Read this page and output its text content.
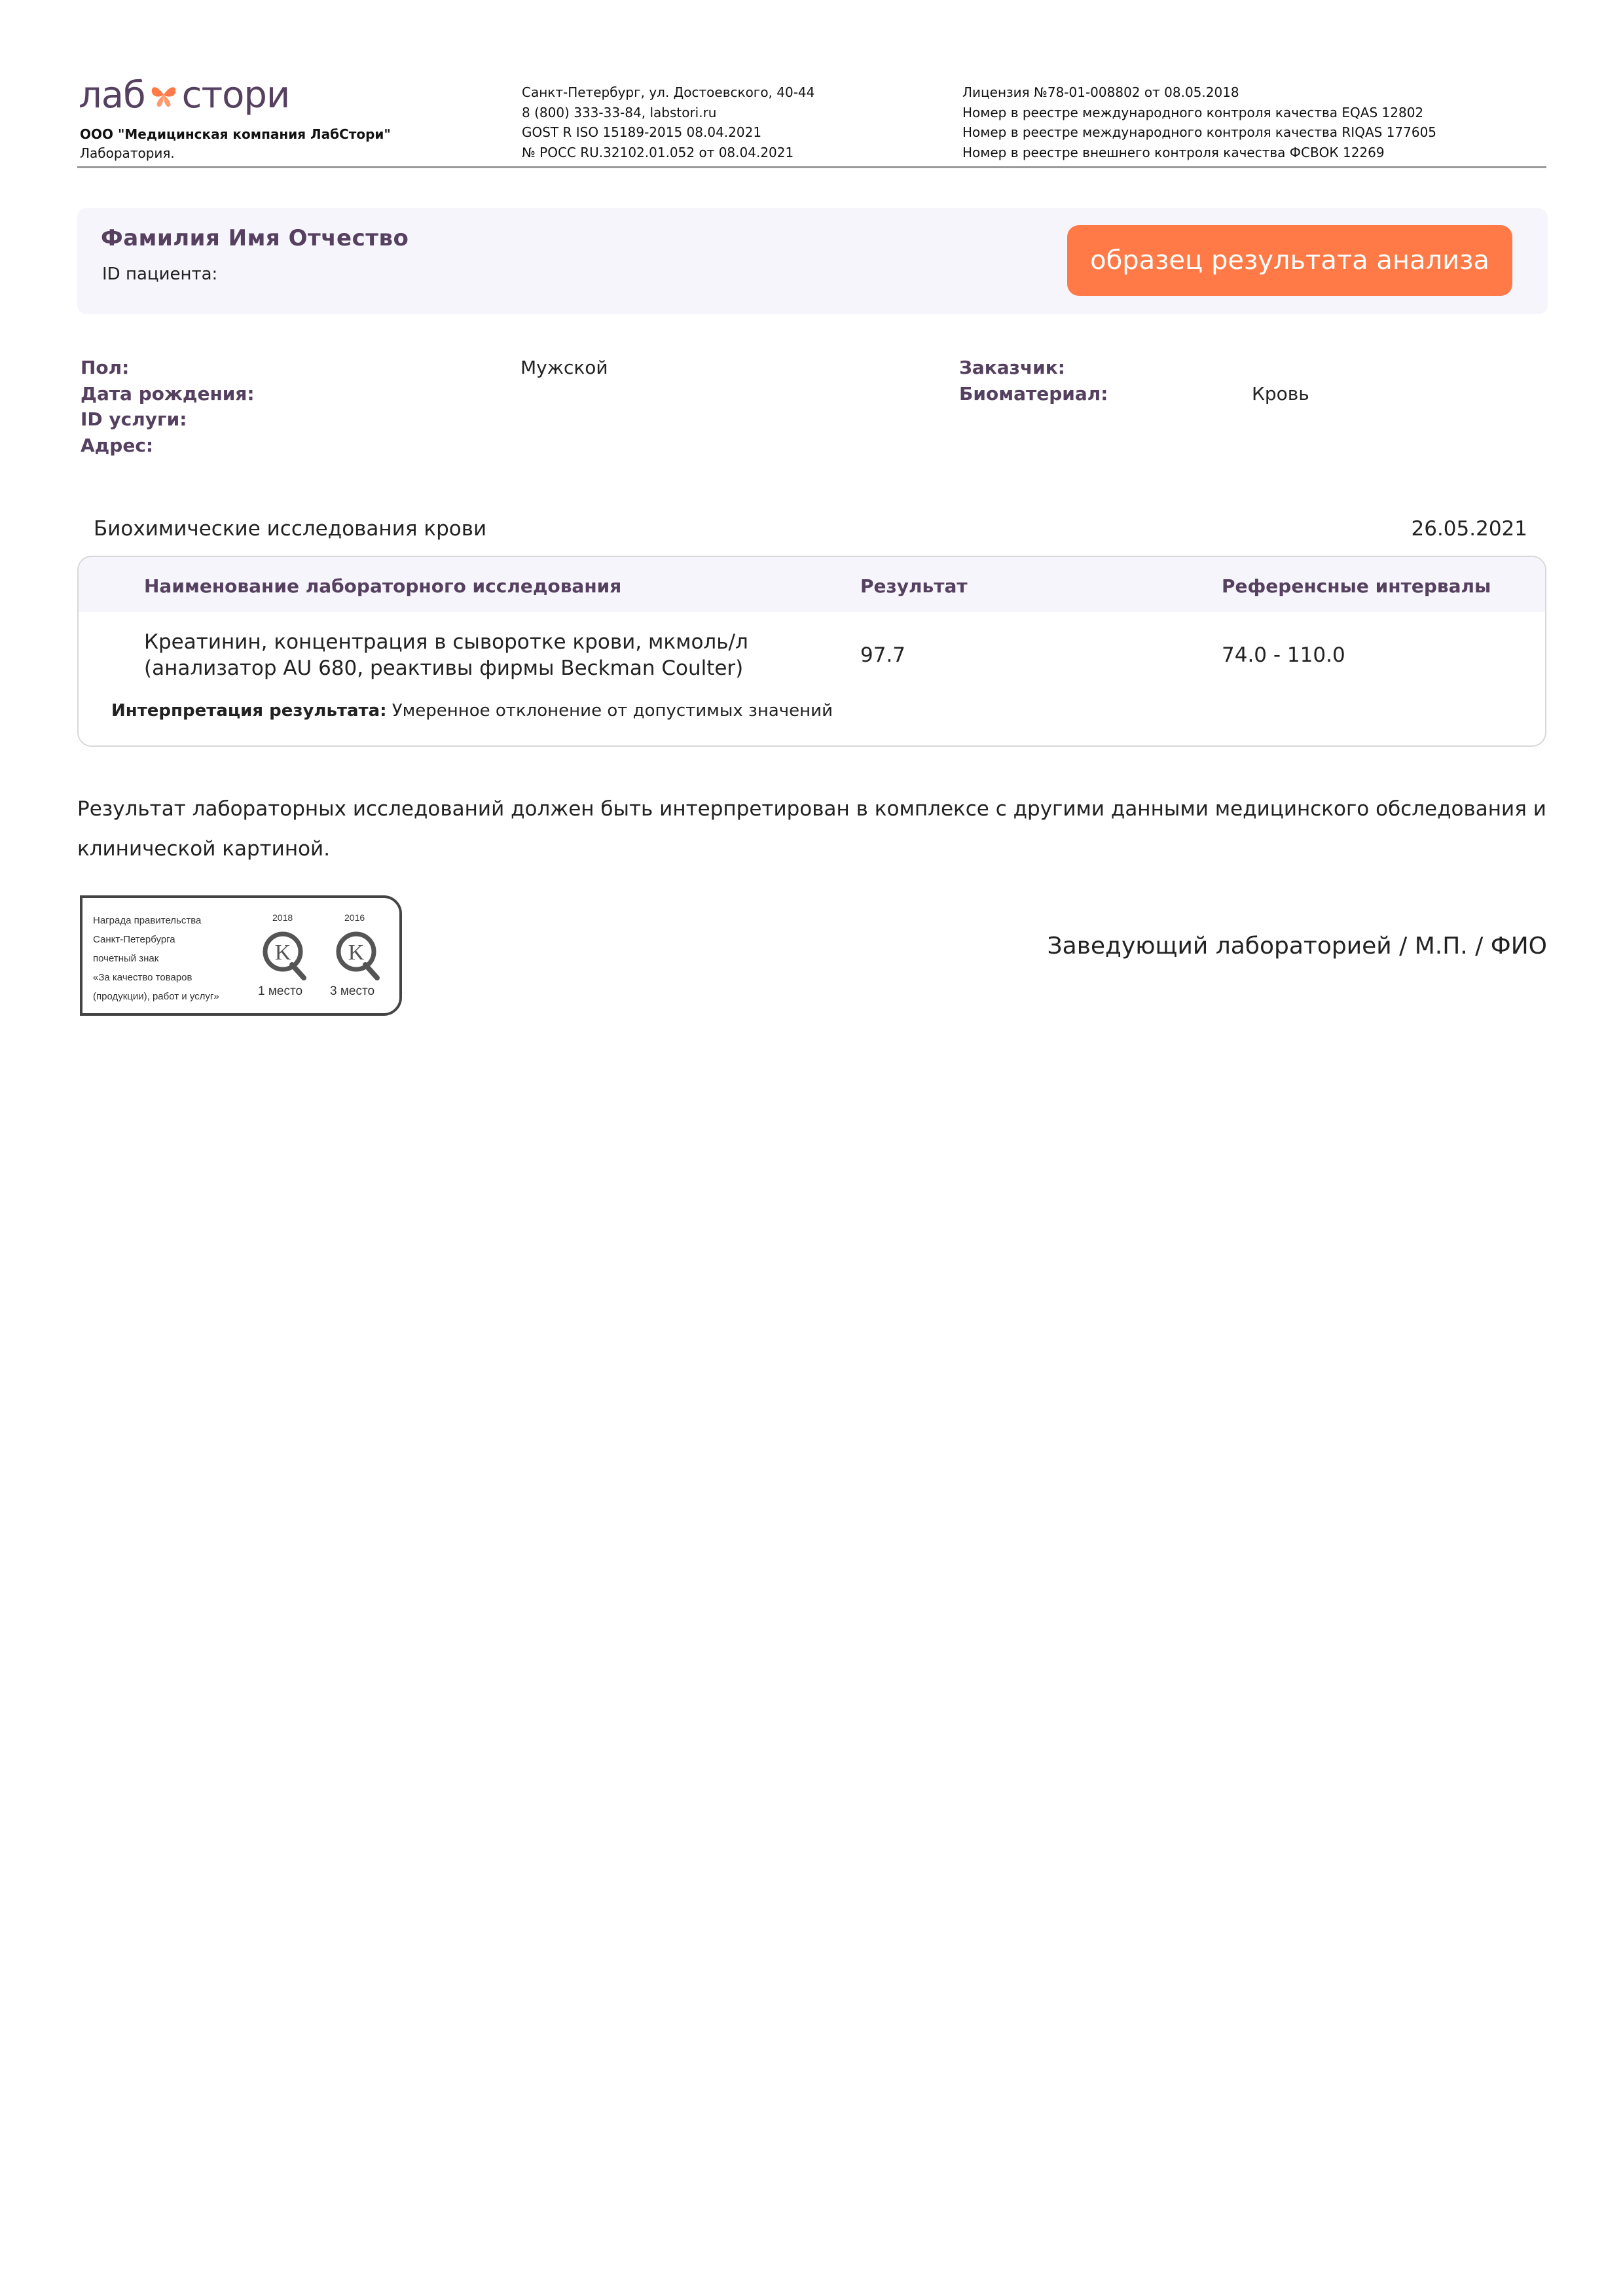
лаб стори
ООО "Медицинская компания ЛабСтори"
Лаборатория.
Санкт-Петербург, ул. Достоевского, 40-44
8 (800) 333-33-84, labstori.ru
GOST R ISO 15189-2015 08.04.2021
№ РОСС RU.32102.01.052 от 08.04.2021
Лицензия №78-01-008802 от 08.05.2018
Номер в реестре международного контроля качества EQAS 12802
Номер в реестре международного контроля качества RIQAS 177605
Номер в реестре внешнего контроля качества ФСВОК 12269
Фамилия Имя Отчество
ID пациента:	образец результата анализа
Пол:	Мужской
Дата рождения:
ID услуги:
Адрес:
Заказчик:
Биоматериал:	Кровь
Биохимические исследования крови	26.05.2021
Наименование лабораторного исследования	Результат	Референсные интервалы
Креатинин, концентрация в сыворотке крови, мкмоль/л
(анализатор AU 680, реактивы фирмы Beckman Coulter)
97.7	74.0 - 110.0
Интерпретация результата: Умеренное отклонение от допустимых значений
Результат лабораторных исследований должен быть интерпретирован в комплексе с другими данными медицинского обследования и клинической картиной.
Награда правительства
Санкт-Петербурга
почетный знак
«За качество товаров
(продукции), работ и услуг»
2018	2016
K	K
1 место 3 место
Заведующий лабораторией / М.П. / ФИО
